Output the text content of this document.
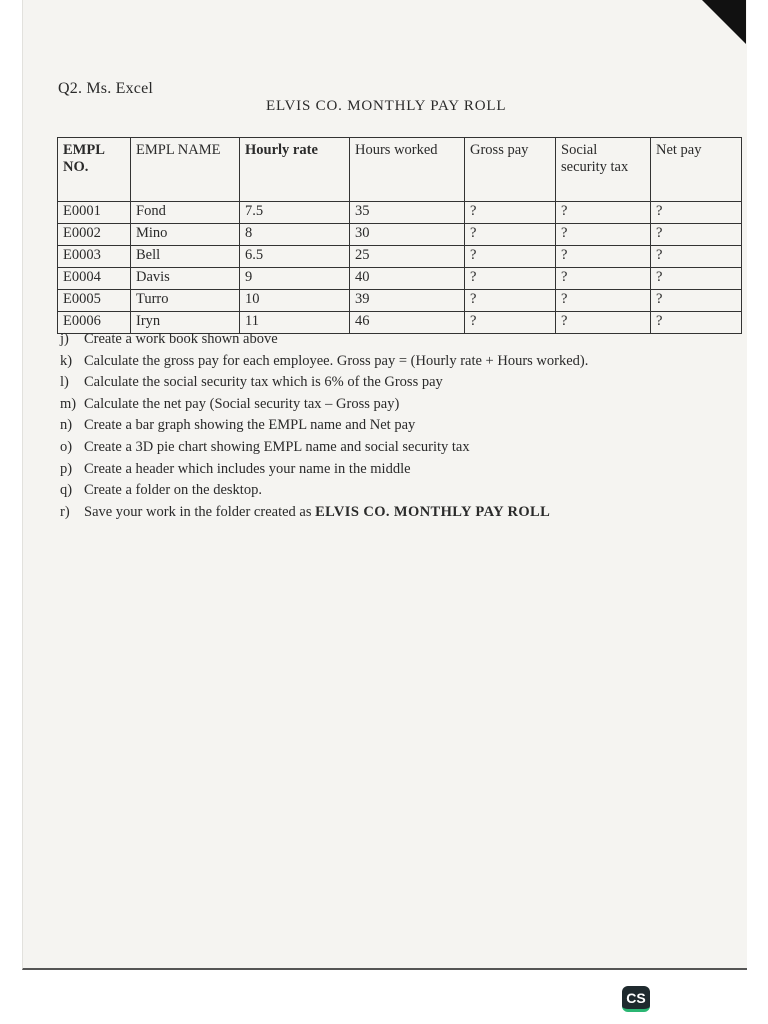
Q2. Ms. Excel
ELVIS CO. MONTHLY PAY ROLL
EMPL NO.	EMPL NAME	Hourly rate	Hours worked	Gross pay	Social security tax	Net pay
E0001	Fond	7.5	35	?	?	?
E0002	Mino	8	30	?	?	?
E0003	Bell	6.5	25	?	?	?
E0004	Davis	9	40	?	?	?
E0005	Turro	10	39	?	?	?
E0006	Iryn	11	46	?	?	?
j)	Create a work book shown above
k) Calculate the gross pay for each employee. Gross pay = (Hourly rate + Hours worked).
l)	Calculate the social security tax which is 6% of the Gross pay
m) Calculate the net pay (Social security tax – Gross pay)
n) Create a bar graph showing the EMPL name and Net pay
o) Create a 3D pie chart showing EMPL name and social security tax
p) Create a header which includes your name in the middle
q) Create a folder on the desktop.
r) Save your work in the folder created as ELVIS CO. MONTHLY PAY ROLL
CS
